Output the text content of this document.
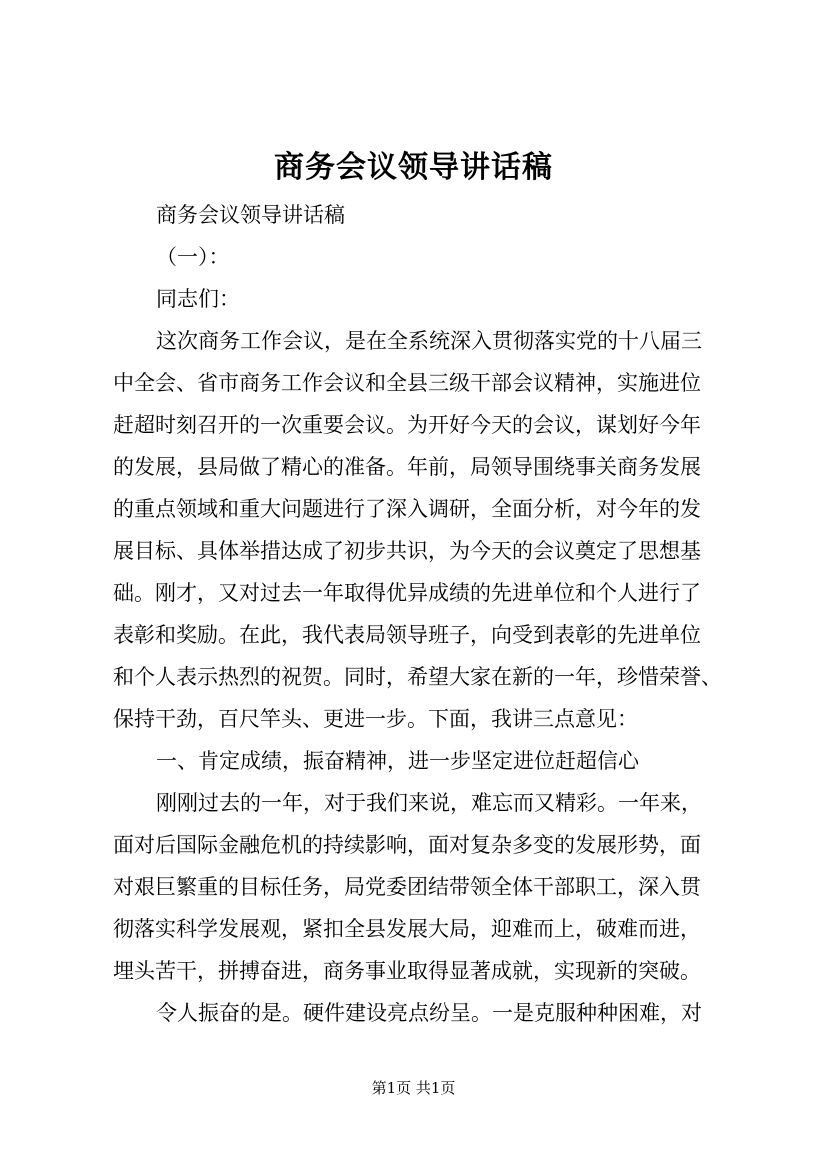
商务会议领导讲话稿
商务会议领导讲话稿
（一）：
同志们：
这次商务工作会议，是在全系统深入贯彻落实党的十八届三
中全会、省市商务工作会议和全县三级干部会议精神，实施进位
赶超时刻召开的一次重要会议。为开好今天的会议，谋划好今年
的发展，县局做了精心的准备。年前，局领导围绕事关商务发展
的重点领域和重大问题进行了深入调研，全面分析，对今年的发
展目标、具体举措达成了初步共识，为今天的会议奠定了思想基
础。刚才，又对过去一年取得优异成绩的先进单位和个人进行了
表彰和奖励。在此，我代表局领导班子，向受到表彰的先进单位
和个人表示热烈的祝贺。同时，希望大家在新的一年，珍惜荣誉、
保持干劲，百尺竿头、更进一步。下面，我讲三点意见：
一、肯定成绩，振奋精神，进一步坚定进位赶超信心
刚刚过去的一年，对于我们来说，难忘而又精彩。一年来，
面对后国际金融危机的持续影响，面对复杂多变的发展形势，面
对艰巨繁重的目标任务，局党委团结带领全体干部职工，深入贯
彻落实科学发展观，紧扣全县发展大局，迎难而上，破难而进，
埋头苦干，拼搏奋进，商务事业取得显著成就，实现新的突破。
令人振奋的是。硬件建设亮点纷呈。一是克服种种困难，对
第1页 共1页
